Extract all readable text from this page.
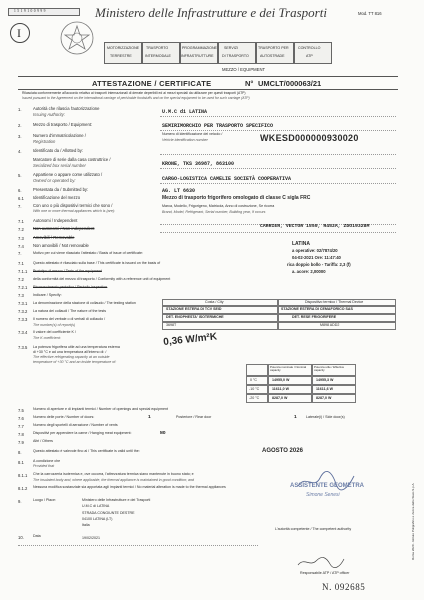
1519100999	Ministero delle Infrastrutture e dei Trasporti	Mod. TT 816
I
MOTORIZZAZIONE TRASPORTO	PROGRAMMAZIONE SERVIZI	TRASPORTO PER	CONTROLLO
TERRESTRE	INTERMODALE	INFRASTRUTTURE DI TRASPORTO	AUTOSTRADE	ATP
MEZZO / EQUIPMENT
ATTESTAZIONE / CERTIFICATE	N° UMCLT/000063/21
Rilasciata conformemente all'accordo relativo ai trasporti internazionali di derrate deperibili ed ai mezzi speciali da utilizzare per questi trasporti (ATP)
Issued pursuant to the Agreement on the international carriage of perishable foodstuffs and on the special equipment to be used for such carriage (ATP)
1.	Autorità che rilascia l'autorizzazione
Issuing Authority:	U.M.C di LATINA
2.	Mezzo di trasporto / Equipment:	SEMIRIMORCHIO PER TRASPORTO SPECIFICO
3.	Numero d'immatricolazione /
Registration
Numero di identificazione del veicolo /
Vehicle identification number	WKESD000000930020
4.	Identificato da / Allotted by:
Marcatore di serie dalla casa costruttrice /
Serialized box serial number	KRONE, TKS 36987, 863100
5.	Appartiene o appare come utilizzato /
Owned or operated by:	CARGO-LOGISTICA CAMELIE SOCIETÀ COOPERATIVA
6.	Presentata da / Submitted by:	AG. LT 6630
6.1 Identificazione del mezzo	Mezzo di trasporto frigorifero omologato di classe C sigla FRC
7.	Con uno o più dispositivi termici che sono /
With one or more thermal appliances which is (are):
Marca, Modello, Frigorigeno, Matricola, Anno di costruzione, Se ricorra
Brand, Model, Refrigerant, Serial number, Building year, If occurs
7.1 Autonomi / Independent
CARRIER, VECTOR 1550, R452A, ZDO19328M
7.2 Non autonomi / Non independent
7.3 Amovibili / Removable
7.4 Non amovibili / Not removable	LATINA
a operative: 02/7874/20
04-02-2021 Ore: 11:47:40
rica doppio bollo - Tariffa: 2,3 (f)
a. acore: 2,00000
7.	Motivo per cui viene rilasciato l'attestato / Basis of issue of certificate:
7.1	Questo attestato è rilasciato sulla base / This certificate is issued on the basis of
7.1.1 Prototipo di mezzo / Tests of the equipment
7.2	della conformità del mezzo di trasporto / Conformity with a reference unit of equipment
7.2.1 Riconoscimento periodico / Periodic inspection
7.3	Indicare / Specify:
Costa / City	Dispositivo termico / Thermal Device
STAZIONE ESTERA DI TCV SEID	STAZIONE ESTERA DI CEMAFORICO SAS
DET. ENOPHESTA' ISOTERMICHE	DET. RESE FRIGORIFERE
3698T	M898 ADD2
7.3.1 La denominazione della stazione di collaudo / The testing station
7.3.2 La natura dei collaudi / The nature of the tests
7.3.3 Il numero del verbale o di verbali di collaudo /
The number(s) of report(s)
7.3.4 Il valore del coefficiente K /
The K coefficient:	0,36 W/m²K
7.3.5 La potenza frigorifera utile ad una temperatura esterna
di +30 °C e ad una temperatura all'interno di: /
The effective refrigerating capacity at an outside
temperature of +30 °C and an inside temperature of:
Potenza nominale / Nominal capacity
Potenza utile / Effective capacity
0 °C	14955,0 W	14955,3 W
-10 °C	11611,0 W	11611,6 W
-20 °C	8287,0 W	8287,0 W
7.5	Numero di aperture e di impianti termici / Number of openings and special equipment
7.6	Numero delle porte / Number of doors:	1	Posteriore / Rear door	1	Laterale(i) / Side door(s)
7.7	Numero degli sportelli di aerazione / Number of vents
7.8	Dispositivi per appendere la carne / Hanging meat equipment:	NO
7.9	Altri / Others
8.	Questo attestato è valevole fino al / This certificate is valid until the:	AGOSTO 2026
8.1	A condizione che
Provided that
8.1.1 Che la carrozzeria isotermica e, ove occorra, l'attrezzatura termica siano mantenute in buono stato; e
The insulated body and, where applicable, the thermal appliance is maintained in good condition; and
8.1.2 Nessuna modifica sostanziale sia apportata agli impianti termici / No material alteration is made to the thermal appliances
9.	Luogo / Place:	Ministero delle Infrastrutture e dei Trasporti
U.M.C di LATINA
STRADA CONGIUNTE DESTRE
04100 LATINA (LT)
Italia
10.	Data	19/02/2021
ASSISTENTE GEOMETRA
Simone Senesi
L'autorità competente / The competent authority
Responsabile ATP / ATP officer
N. 092685
Roma 2020 - Istituto Poligrafico e Zecca dello Stato S.p.A.
